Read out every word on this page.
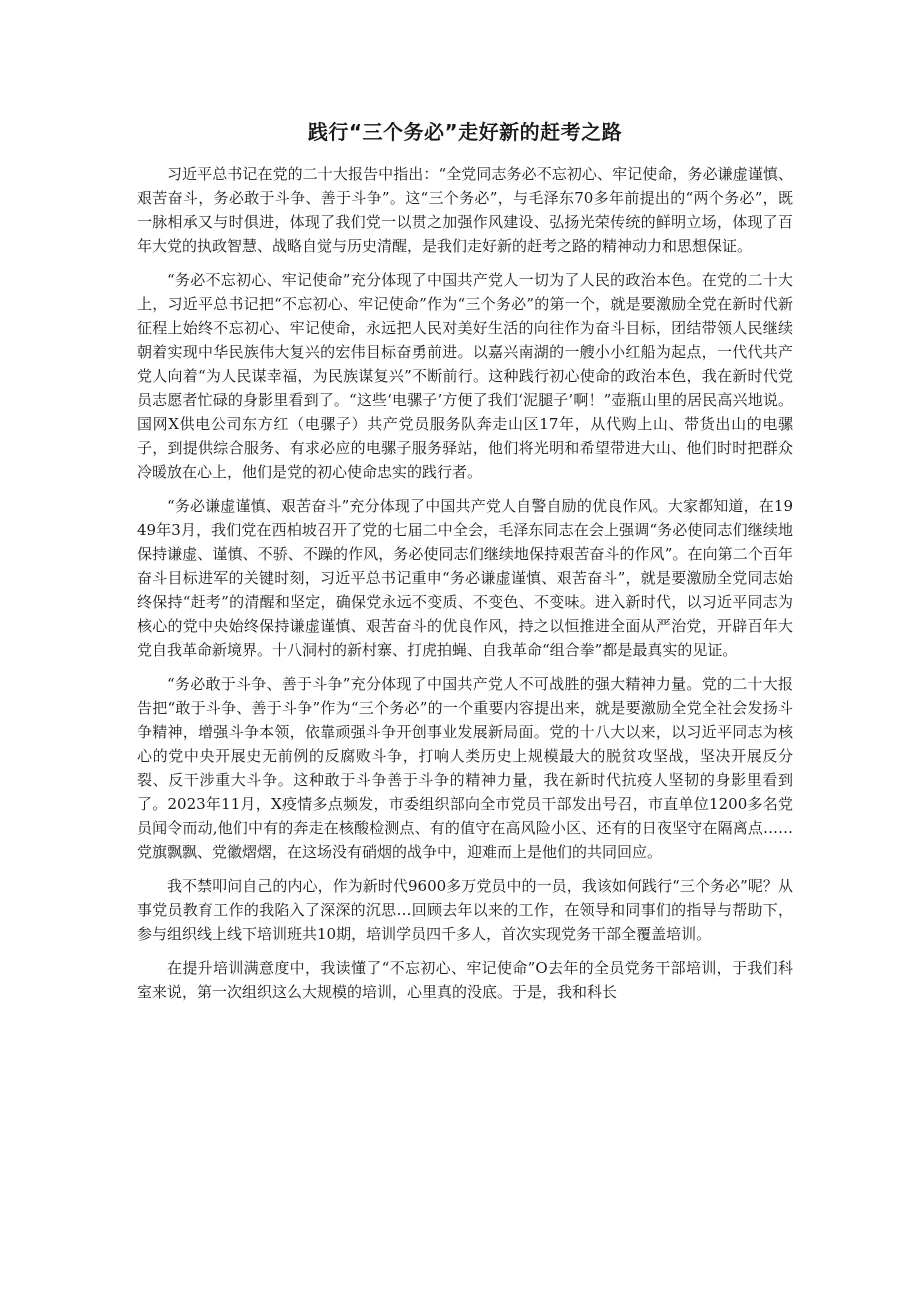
践行“三个务必”走好新的赶考之路

习近平总书记在党的二十大报告中指出：“全党同志务必不忘初心、牢记使命，务必谦虚谨慎、艰苦奋斗，务必敢于斗争、善于斗争”。这“三个务必”，与毛泽东70多年前提出的“两个务必”，既一脉相承又与时俱进，体现了我们党一以贯之加强作风建设、弘扬光荣传统的鲜明立场，体现了百年大党的执政智慧、战略自觉与历史清醒，是我们走好新的赶考之路的精神动力和思想保证。

“务必不忘初心、牢记使命”充分体现了中国共产党人一切为了人民的政治本色。在党的二十大上，习近平总书记把“不忘初心、牢记使命”作为“三个务必”的第一个，就是要激励全党在新时代新征程上始终不忘初心、牢记使命，永远把人民对美好生活的向往作为奋斗目标，团结带领人民继续朝着实现中华民族伟大复兴的宏伟目标奋勇前进。以嘉兴南湖的一艘小小红船为起点，一代代共产党人向着“为人民谋幸福，为民族谋复兴”不断前行。这种践行初心使命的政治本色，我在新时代党员志愿者忙碌的身影里看到了。“这些‘电骡子’方便了我们‘泥腿子’啊！”壶瓶山里的居民高兴地说。国网X供电公司东方红（电骡子）共产党员服务队奔走山区17年，从代购上山、带货出山的电骡子，到提供综合服务、有求必应的电骡子服务驿站，他们将光明和希望带进大山、他们时时把群众冷暖放在心上，他们是党的初心使命忠实的践行者。

“务必谦虚谨慎、艰苦奋斗”充分体现了中国共产党人自警自励的优良作风。大家都知道，在1949年3月，我们党在西柏坡召开了党的七届二中全会，毛泽东同志在会上强调“务必使同志们继续地保持谦虚、谨慎、不骄、不躁的作风，务必使同志们继续地保持艰苦奋斗的作风”。在向第二个百年奋斗目标进军的关键时刻，习近平总书记重申“务必谦虚谨慎、艰苦奋斗”，就是要激励全党同志始终保持“赶考”的清醒和坚定，确保党永远不变质、不变色、不变味。进入新时代，以习近平同志为核心的党中央始终保持谦虚谨慎、艰苦奋斗的优良作风，持之以恒推进全面从严治党，开辟百年大党自我革命新境界。十八洞村的新村寨、打虎拍蝇、自我革命“组合拳”都是最真实的见证。

“务必敢于斗争、善于斗争”充分体现了中国共产党人不可战胜的强大精神力量。党的二十大报告把“敢于斗争、善于斗争”作为“三个务必”的一个重要内容提出来，就是要激励全党全社会发扬斗争精神，增强斗争本领，依靠顽强斗争开创事业发展新局面。党的十八大以来，以习近平同志为核心的党中央开展史无前例的反腐败斗争，打响人类历史上规模最大的脱贫攻坚战，坚决开展反分裂、反干涉重大斗争。这种敢于斗争善于斗争的精神力量，我在新时代抗疫人坚韧的身影里看到了。2023年11月，X疫情多点频发，市委组织部向全市党员干部发出号召，市直单位1200多名党员闻令而动,他们中有的奔走在核酸检测点、有的值守在高风险小区、还有的日夜坚守在隔离点……党旗飘飘、党徽熠熠，在这场没有硝烟的战争中，迎难而上是他们的共同回应。

我不禁叩问自己的内心，作为新时代9600多万党员中的一员，我该如何践行“三个务必”呢？从事党员教育工作的我陷入了深深的沉思…回顾去年以来的工作，在领导和同事们的指导与帮助下，参与组织线上线下培训班共10期，培训学员四千多人，首次实现党务干部全覆盖培训。

在提升培训满意度中，我读懂了“不忘初心、牢记使命”O去年的全员党务干部培训，于我们科室来说，第一次组织这么大规模的培训，心里真的没底。于是，我和科长
